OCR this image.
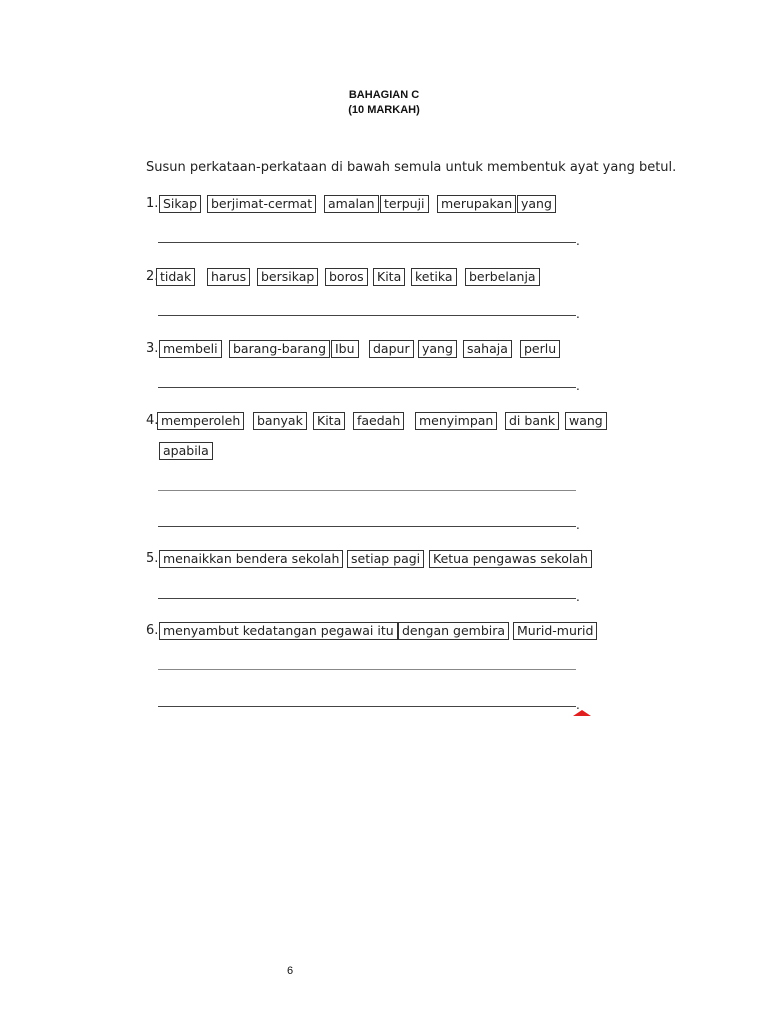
BAHAGIAN C
(10 MARKAH)
Susun perkataan-perkataan di bawah semula untuk membentuk ayat yang betul.
1. Sikap	berjimat-cermat	amalan terpuji	merupakan yang
.
2. tidak	harus	bersikap	boros	Kita	ketika	berbelanja
.
3. membeli	barang-barang Ibu	dapur yang	sahaja	perlu
.
4. memperoleh	banyak	Kita	faedah	menyimpan	di bank	wang
apabila
.
5. menaikkan bendera sekolah setiap pagi	Ketua pengawas sekolah
.
6. menyambut kedatangan pegawai itu dengan gembira Murid-murid
.
6
